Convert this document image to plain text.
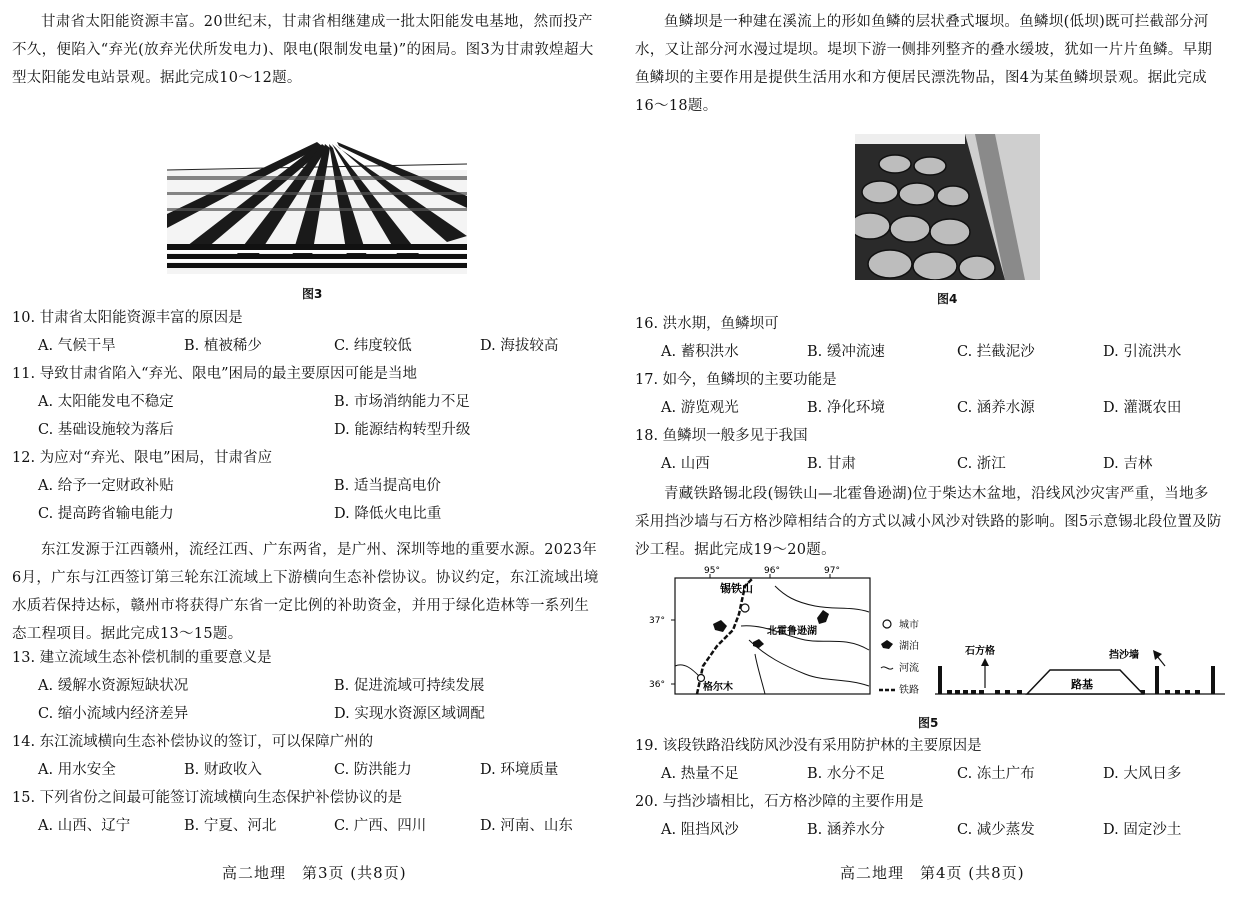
甘肃省太阳能资源丰富。20世纪末，甘肃省相继建成一批太阳能发电基地，然而投产不久，便陷入“弃光(放弃光伏所发电力)、限电(限制发电量)”的困局。图3为甘肃敦煌超大型太阳能发电站景观。据此完成10～12题。

图3
10. 甘肃省太阳能资源丰富的原因是
A. 气候干旱	B. 植被稀少	C. 纬度较低	D. 海拔较高
11. 导致甘肃省陷入“弃光、限电”困局的最主要原因可能是当地
A. 太阳能发电不稳定	B. 市场消纳能力不足
C. 基础设施较为落后	D. 能源结构转型升级
12. 为应对“弃光、限电”困局，甘肃省应
A. 给予一定财政补贴	B. 适当提高电价
C. 提高跨省输电能力	D. 降低火电比重

东江发源于江西赣州，流经江西、广东两省，是广州、深圳等地的重要水源。2023年6月，广东与江西签订第三轮东江流域上下游横向生态补偿协议。协议约定，东江流域出境水质若保持达标，赣州市将获得广东省一定比例的补助资金，并用于绿化造林等一系列生态工程项目。据此完成13～15题。

13. 建立流域生态补偿机制的重要意义是
A. 缓解水资源短缺状况	B. 促进流域可持续发展
C. 缩小流域内经济差异	D. 实现水资源区域调配
14. 东江流域横向生态补偿协议的签订，可以保障广州的
A. 用水安全	B. 财政收入	C. 防洪能力	D. 环境质量
15. 下列省份之间最可能签订流域横向生态保护补偿协议的是
A. 山西、辽宁	B. 宁夏、河北	C. 广西、四川	D. 河南、山东
高二地理　第3页 (共8页)

鱼鳞坝是一种建在溪流上的形如鱼鳞的层状叠式堰坝。鱼鳞坝(低坝)既可拦截部分河水，又让部分河水漫过堤坝。堤坝下游一侧排列整齐的叠水缓坡，犹如一片片鱼鳞。早期鱼鳞坝的主要作用是提供生活用水和方便居民漂洗物品，图4为某鱼鳞坝景观。据此完成16～18题。

图4
16. 洪水期，鱼鳞坝可
A. 蓄积洪水	B. 缓冲流速	C. 拦截泥沙	D. 引流洪水
17. 如今，鱼鳞坝的主要功能是
A. 游览观光	B. 净化环境	C. 涵养水源	D. 灌溉农田
18. 鱼鳞坝一般多见于我国
A. 山西	B. 甘肃	C. 浙江	D. 吉林

青藏铁路锡北段(锡铁山—北霍鲁逊湖)位于柴达木盆地，沿线风沙灾害严重，当地多采用挡沙墙与石方格沙障相结合的方式以减小风沙对铁路的影响。图5示意锡北段位置及防沙工程。据此完成19～20题。

95°	96°	97°
37°
36°
锡铁山
北霍鲁逊湖
格尔木
城市
湖泊
河流
铁路	路基
石方格	挡沙墙
图5
19. 该段铁路沿线防风沙没有采用防护林的主要原因是
A. 热量不足	B. 水分不足	C. 冻土广布	D. 大风日多
20. 与挡沙墙相比，石方格沙障的主要作用是
A. 阻挡风沙	B. 涵养水分	C. 减少蒸发	D. 固定沙土
高二地理　第4页 (共8页)
